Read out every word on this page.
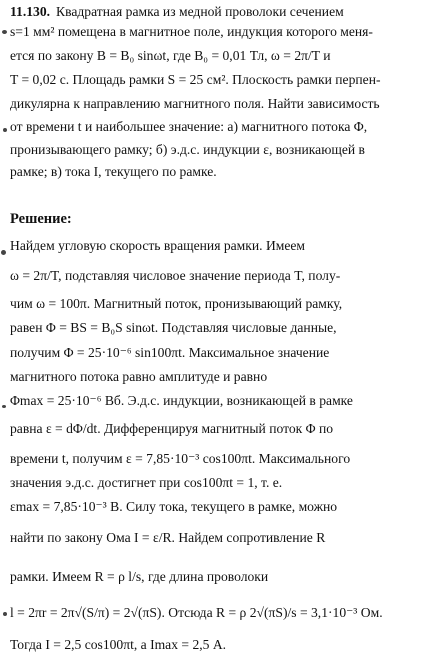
11.130. Квадратная рамка из медной проволоки сечением
s=1 мм² помещена в магнитное поле, индукция которого меня-
ется по закону B = B₀ sinωt, где B₀ = 0,01 Тл, ω = 2π/T и
T = 0,02 с. Площадь рамки S = 25 см². Плоскость рамки перпен-
дикулярна к направлению магнитного поля. Найти зависимость
от времени t и наибольшее значение: а) магнитного потока Φ,
пронизывающего рамку; б) э.д.с. индукции ε, возникающей в
рамке; в) тока I, текущего по рамке.
Решение:
Найдем угловую скорость вращения рамки. Имеем
ω = 2π/T, подставляя числовое значение периода T, полу-
чим ω = 100π. Магнитный поток, пронизывающий рамку,
равен Φ = BS = B₀S sinωt. Подставляя числовые данные,
получим Φ = 25·10⁻⁶ sin100πt. Максимальное значение
магнитного потока равно амплитуде и равно
Φmax = 25·10⁻⁶ Вб. Э.д.с. индукции, возникающей в рамке
равна ε = dΦ/dt. Дифференцируя магнитный поток Φ по
времени t, получим ε = 7,85·10⁻³ cos100πt. Максимального
значения э.д.с. достигнет при cos100πt = 1, т. е.
εmax = 7,85·10⁻³ В. Силу тока, текущего в рамке, можно
найти по закону Ома I = ε/R. Найдем сопротивление R
рамки. Имеем R = ρ l/s, где длина проволоки
l = 2πr = 2π√(S/π) = 2√(πS). Отсюда R = ρ 2√(πS)/s = 3,1·10⁻³ Ом.
Тогда I = 2,5 cos100πt, а Imax = 2,5 А.
